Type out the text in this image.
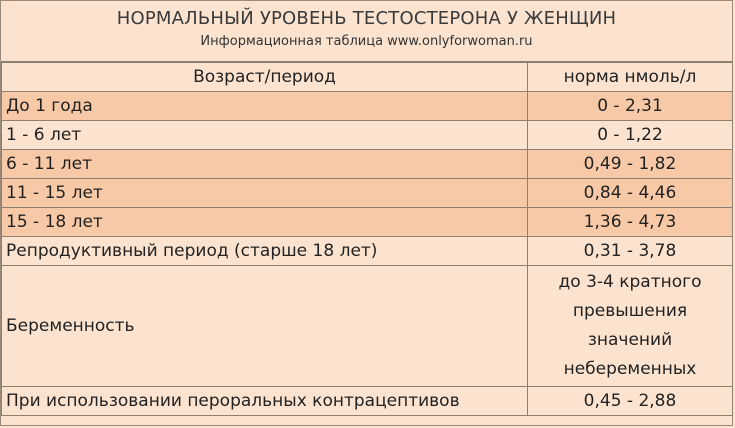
НОРМАЛЬНЫЙ УРОВЕНЬ ТЕСТОСТЕРОНА У ЖЕНЩИН
Информационная таблица www.onlyforwoman.ru
Возраст/период	норма нмоль/л
До 1 года	0 - 2,31
1 - 6 лет	0 - 1,22
6 - 11 лет	0,49 - 1,82
11 - 15 лет	0,84 - 4,46
15 - 18 лет	1,36 - 4,73
Репродуктивный период (старше 18 лет)	0,31 - 3,78
Беременность	до 3-4 кратного
превышения
значений
небеременных

При использовании пероральных контрацептивов	0,45 - 2,88
